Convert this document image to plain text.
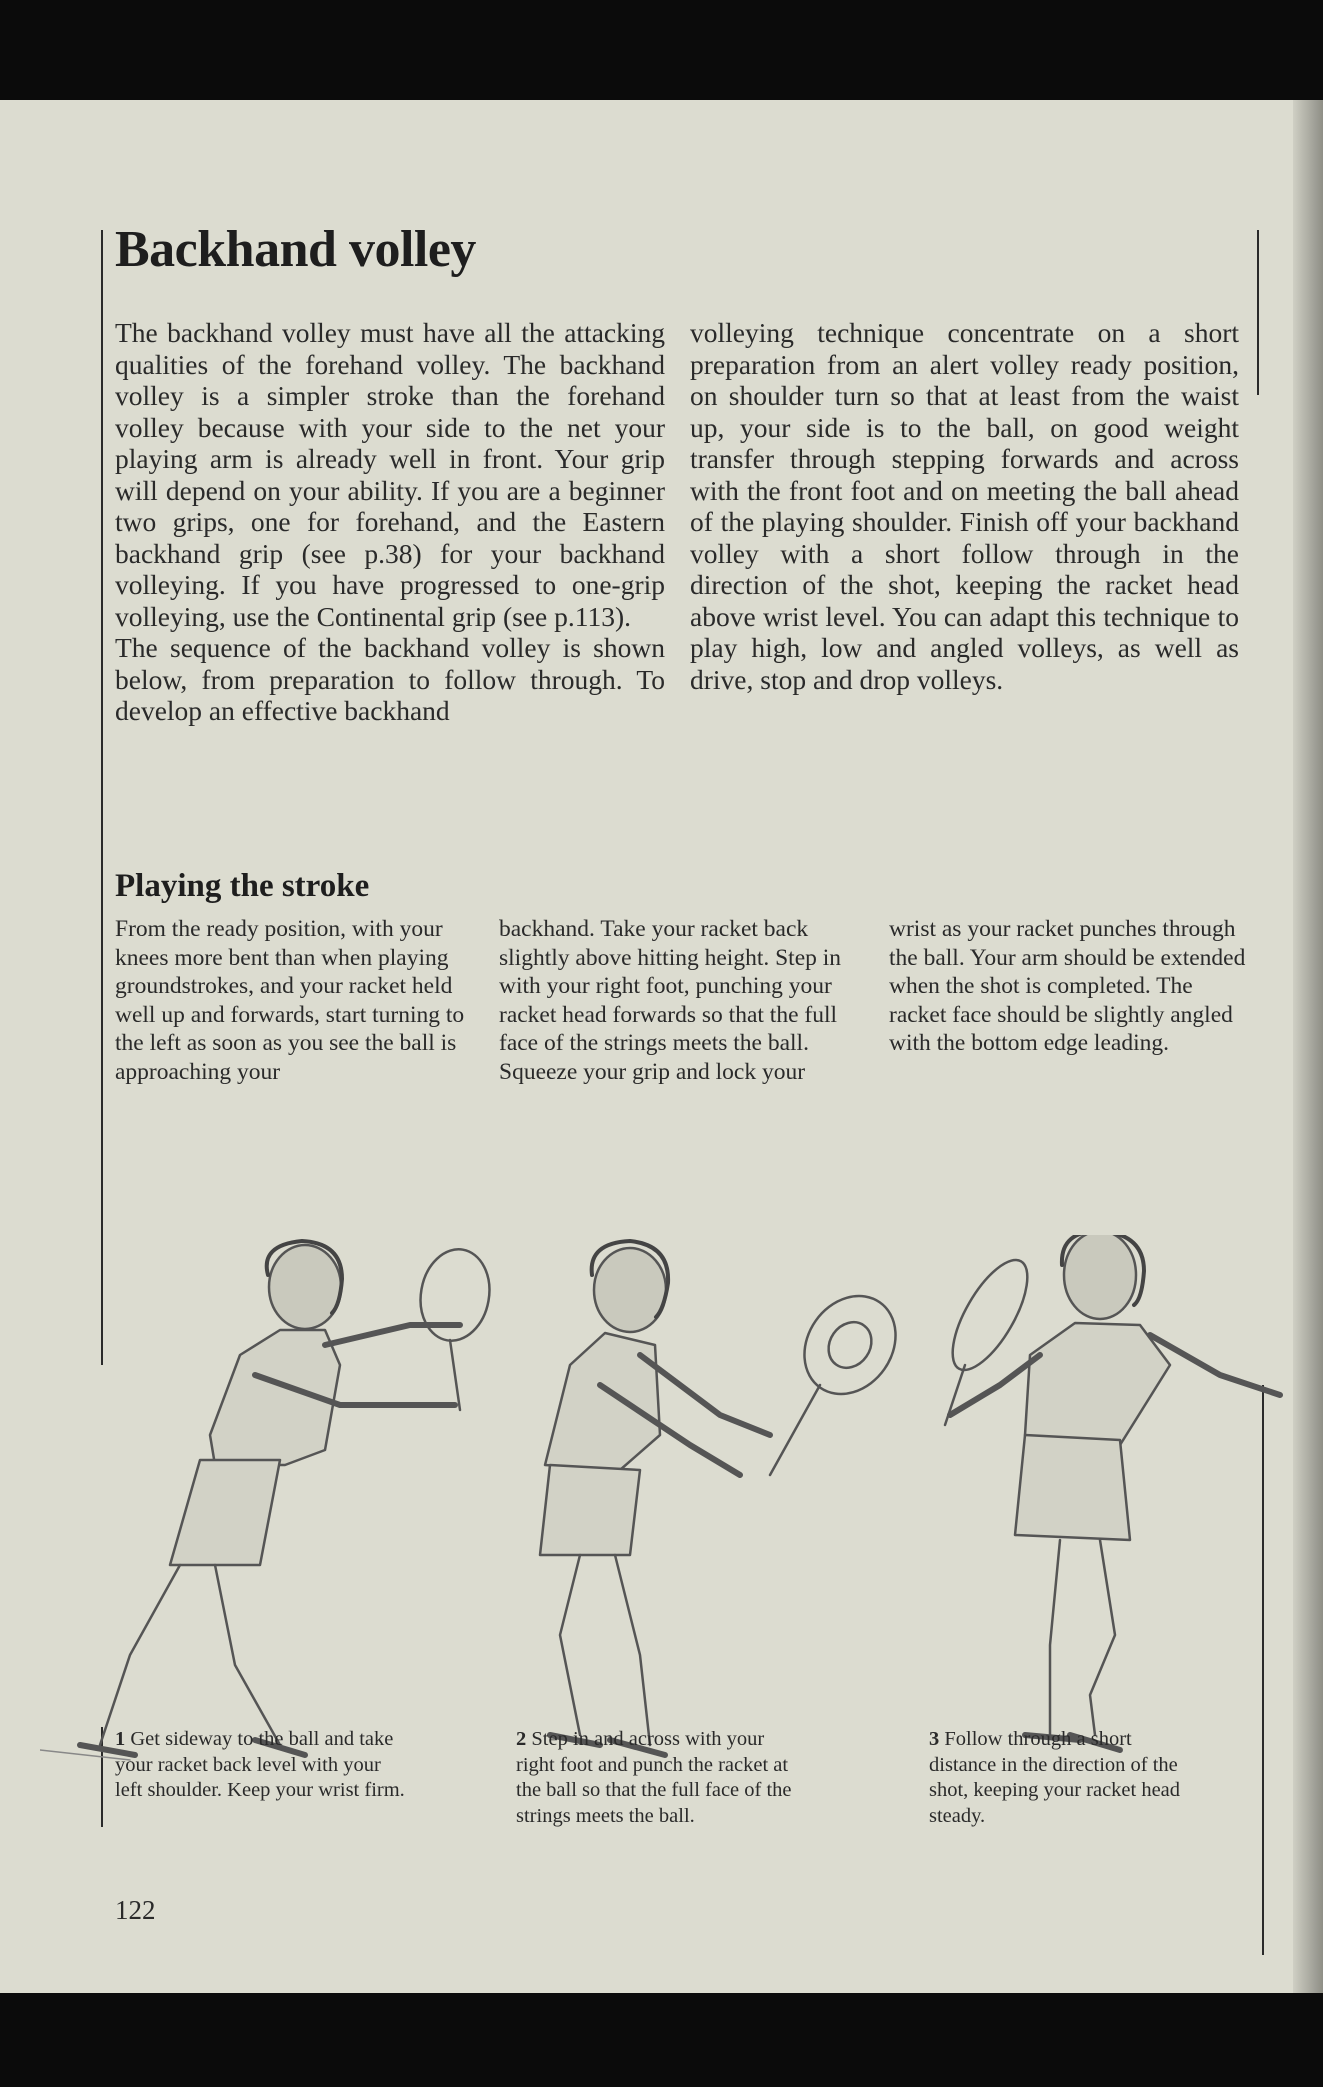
Backhand volley

The backhand volley must have all the attacking qualities of the forehand volley. The backhand volley is a simpler stroke than the forehand volley because with your side to the net your playing arm is already well in front. Your grip will depend on your ability. If you are a beginner two grips, one for forehand, and the Eastern backhand grip (see p.38) for your backhand volleying. If you have progressed to one-grip volleying, use the Continental grip (see p.113).

The sequence of the backhand volley is shown below, from preparation to follow through. To develop an effective backhand

volleying technique concentrate on a short preparation from an alert volley ready position, on shoulder turn so that at least from the waist up, your side is to the ball, on good weight transfer through stepping forwards and across with the front foot and on meeting the ball ahead of the playing shoulder. Finish off your backhand volley with a short follow through in the direction of the shot, keeping the racket head above wrist level. You can adapt this technique to play high, low and angled volleys, as well as drive, stop and drop volleys.

Playing the stroke

From the ready position, with your knees more bent than when playing groundstrokes, and your racket held well up and forwards, start turning to the left as soon as you see the ball is approaching your

backhand. Take your racket back slightly above hitting height. Step in with your right foot, punching your racket head forwards so that the full face of the strings meets the ball. Squeeze your grip and lock your

wrist as your racket punches through the ball. Your arm should be extended when the shot is completed. The racket face should be slightly angled with the bottom edge leading.

1 Get sideway to the ball and take your racket back level with your left shoulder. Keep your wrist firm.

2 Step in and across with your right foot and punch the racket at the ball so that the full face of the strings meets the ball.

3 Follow through a short distance in the direction of the shot, keeping your racket head steady.

122
